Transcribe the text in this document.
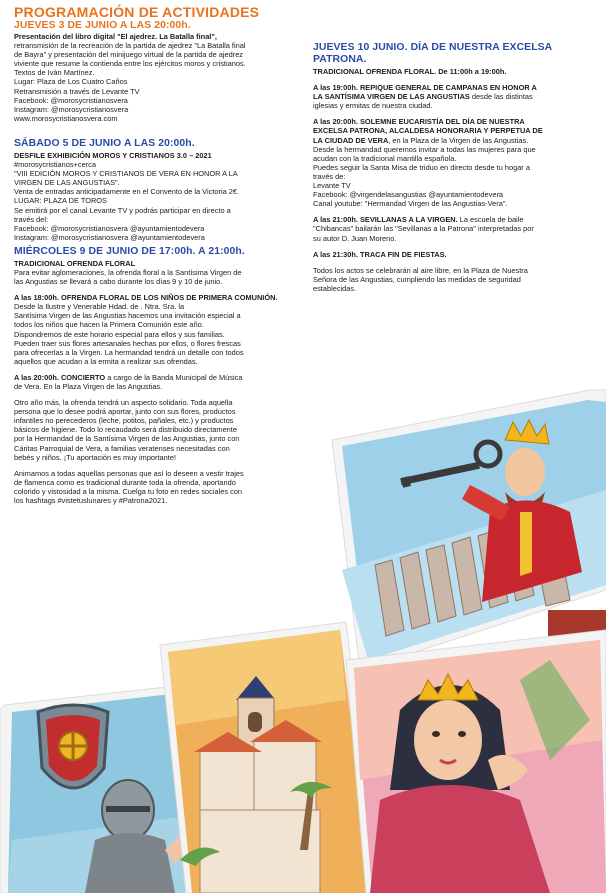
PROGRAMACIÓN DE ACTIVIDADES
JUEVES 3 DE JUNIO A LAS 20:00h.
Presentación del libro digital "El ajedrez. La Batalla final",
retransmisión de la recreación de la partida de ajedrez "La Batalla final
de Bayra" y presentación del minijuego virtual de la partida de ajedrez
viviente que resume la contienda entre los ejércitos moros y cristianos.
Textos de Iván Martínez.
Lugar: Plaza de Los Cuatro Caños
Retransmisión a través de Levante TV
Facebook: @morosycristianosvera
Instagram: @morosycristianosvera
www.morosycristianosvera.com
SÁBADO 5 DE JUNIO A LAS 20:00h.
DESFILE EXHIBICIÓN MOROS Y CRISTIANOS 3.0 – 2021
#morosycristianos+cerca
"VIII EDICIÓN MOROS Y CRISTIANOS DE VERA EN HONOR A LA
VIRGEN DE LAS ANGUSTIAS".
Venta de entradas anticipadamente en el Convento de la Victoria 2€.
LUGAR: PLAZA DE TOROS
Se emitirá por el canal Levante TV y podrás participar en directo a
través del:
Facebook: @morosycristianosvera @ayuntamientodevera
Instagram: @morosycristianosvera @ayuntamientodevera
MIÉRCOLES 9 DE JUNIO DE 17:00h. A 21:00h.
TRADICIONAL OFRENDA FLORAL

Para evitar aglomeraciones, la ofrenda floral a la Santísima Virgen de
las Angustias se llevará a cabo durante los días 9 y 10 de junio.

A las 18:00h. OFRENDA FLORAL DE LOS NIÑOS DE PRIMERA COMUNIÓN. Desde la Ilustre y Venerable Hdad. de . Ntra. Sra. la
Santísima Virgen de las Angustias hacemos una invitación especial a
todos los niños que hacen la Primera Comunión este año.
Dispondremos de este horario especial para ellos y sus familias.
Pueden traer sus flores artesanales hechas por ellos, o flores frescas
para ofrecerlas a la Virgen. La hermandad tendrá un detalle con todos
aquellos que acudan a la ermita a realizar sus ofrendas.

A las 20:00h. CONCIERTO a cargo de la Banda Municipal de Música
de Vera. En la Plaza Virgen de las Angustias.

Otro año más, la ofrenda tendrá un aspecto solidario. Toda aquella
persona que lo desee podrá aportar, junto con sus flores, productos
infantiles no perecederos (leche, potitos, pañales, etc.) y productos
básicos de higiene. Todo lo recaudado será distribuido directamente
por la Hermandad de la Santísima Virgen de las Angustias, junto con
Cáritas Parroquial de Vera, a familias veratenses necesitadas con
bebés y niños. ¡Tu aportación es muy importante!

Animamos a todas aquellas personas que así lo deseen a vestir trajes
de flamenca como es tradicional durante toda la ofrenda, aportando
colorido y vistosidad a la misma. Cuelga tu foto en redes sociales con
los hashtags #vistetuslunares y #Patrona2021.

JUEVES 10 JUNIO. DÍA DE NUESTRA EXCELSA
PATRONA.

TRADICIONAL OFRENDA FLORAL. De 11:00h a 19:00h.

A las 19:00h. REPIQUE GENERAL DE CAMPANAS EN HONOR A
LA SANTÍSIMA VIRGEN DE LAS ANGUSTIAS desde las distintas
iglesias y ermitas de nuestra ciudad.

A las 20:00h. SOLEMNE EUCARISTÍA DEL DÍA DE NUESTRA
EXCELSA PATRONA, ALCALDESA HONORARIA Y PERPETUA DE
LA CIUDAD DE VERA, en la Plaza de la Virgen de las Angustias.
Desde la hermandad queremos invitar a todas las mujeres para que
acudan con la tradicional mantilla española.
Puedes seguir la Santa Misa de triduo en directo desde tu hogar a
través de:
Levante TV
Facebook: @virgendelasangustias @ayuntamientodevera
Canal youtube: "Hermandad Virgen de las Angustias-Vera".

A las 21:00h. SEVILLANAS A LA VIRGEN. La escuela de baile
"Chibancas" bailarán las "Sevillanas a la Patrona" interpretadas por
su autor D. Juan Moreno.

A las 21:30h. TRACA FIN DE FIESTAS.

Todos los actos se celebrarán al aire libre, en la Plaza de Nuestra
Señora de las Angustias, cumpliendo las medidas de seguridad
establecidas.
